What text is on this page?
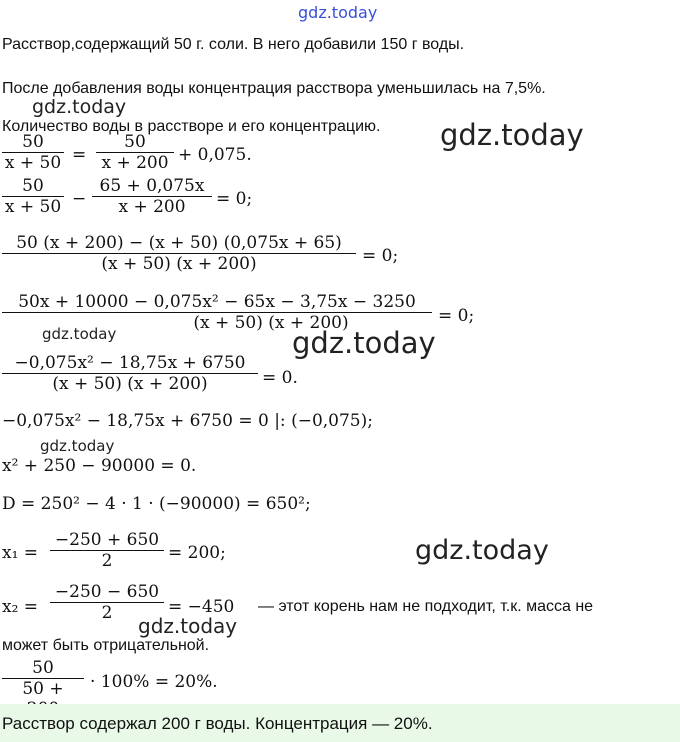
gdz.today
Расствор,содержащий 50 г. соли. В него добавили 150 г воды.
После добавления воды концентрация расствора уменьшилась на 7,5%.
gdz.today
Количество воды в расстворе и его концентрацию. gdz.today
$\frac{50}{x + 50} = \frac{50}{x + 200} + 0,075$.
$\frac{50}{x + 50} - \frac{65 + 0,075x}{x + 200} = 0$;
$\frac{50 (x + 200) - (x + 50) (0,075x + 65)}{(x + 50) (x + 200)} = 0$;
$\frac{\text{50x + 10000 − 0,075x² − 65x − 3,75x − 3250}}{(x + 50) (x + 200)} = 0$;
gdz.today	gdz.today
$\frac{\text{−0,075x² − 18,75x + 6750}}{(x + 50) (x + 200)} = 0$.
−0,075x² − 18,75x + 6750 = 0 |: (−0,075);
gdz.today
x² + 250 − 90000 = 0.
D = 250² − 4 · 1 · (−90000) = 650²;
$x_1 = \frac{-250 + 650}{2} = 200$;	gdz.today
$x_2 = \frac{-250 - 650}{2} = -450$ — этот корень нам не подходит, т.к. масса не
gdz.today
может быть отрицательной.
$\frac{50}{50 +} \cdot 100\% = 20\%$.
Расствор содержал 200 г воды. Концентрация — 20%.
